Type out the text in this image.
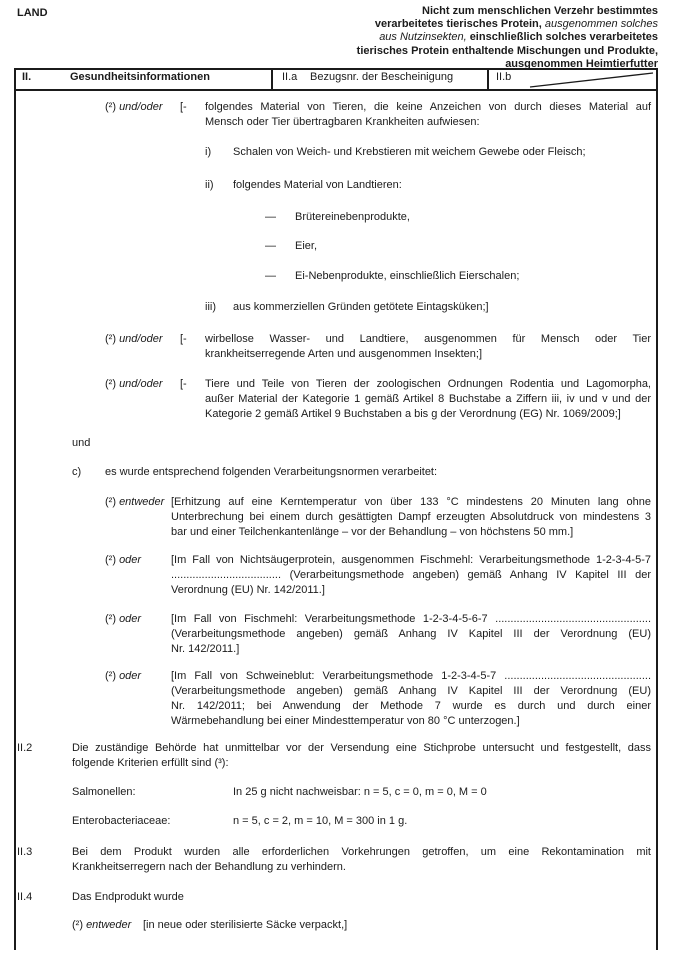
LAND	Nicht zum menschlichen Verzehr bestimmtes
verarbeitetes tierisches Protein, ausgenommen solches
aus Nutzinsekten, einschließlich solches verarbeitetes
tierisches Protein enthaltende Mischungen und Produkte,
ausgenommen Heimtierfutter
II.	Gesundheitsinformationen	II.a Bezugsnr. der Bescheinigung	II.b
(²) und/oder [- folgendes Material von Tieren, die keine Anzeichen von durch dieses Material auf
Mensch oder Tier übertragbaren Krankheiten aufwiesen:
i) Schalen von Weich- und Krebstieren mit weichem Gewebe oder Fleisch;
ii) folgendes Material von Landtieren:
— Brütereinebenprodukte,
— Eier,
— Ei-Nebenprodukte, einschließlich Eierschalen;
iii) aus kommerziellen Gründen getötete Eintagsküken;]
(²) und/oder [- wirbellose Wasser- und Landtiere, ausgenommen für Mensch oder Tier
krankheitserregende Arten und ausgenommen Insekten;]
(²) und/oder [- Tiere und Teile von Tieren der zoologischen Ordnungen Rodentia und Lagomorpha,
außer Material der Kategorie 1 gemäß Artikel 8 Buchstabe a Ziffern iii, iv und v und der
Kategorie 2 gemäß Artikel 9 Buchstaben a bis g der Verordnung (EG) Nr. 1069/2009;]
und
c) es wurde entsprechend folgenden Verarbeitungsnormen verarbeitet:
(²) entweder [Erhitzung auf eine Kerntemperatur von über 133 °C mindestens 20 Minuten lang ohne
Unterbrechung bei einem durch gesättigten Dampf erzeugten Absolutdruck von mindestens 3
bar und einer Teilchenkantenlänge – vor der Behandlung – von höchstens 50 mm.]
(²) oder	[Im Fall von Nichtsäugerprotein, ausgenommen Fischmehl: Verarbeitungsmethode 1-2-3-4-5-7
.................................... (Verarbeitungsmethode angeben) gemäß Anhang IV Kapitel III der
Verordnung (EU) Nr. 142/2011.]
(²) oder	[Im Fall von Fischmehl: Verarbeitungsmethode 1-2-3-4-5-6-7 ...................................................
(Verarbeitungsmethode angeben) gemäß Anhang IV Kapitel III der Verordnung (EU)
Nr. 142/2011.]
(²) oder	[Im Fall von Schweineblut: Verarbeitungsmethode 1-2-3-4-5-7 ................................................
(Verarbeitungsmethode angeben) gemäß Anhang IV Kapitel III der Verordnung (EU)
Nr. 142/2011; bei Anwendung der Methode 7 wurde es durch und durch einer
Wärmebehandlung bei einer Mindesttemperatur von 80 °C unterzogen.]
II.2	Die zuständige Behörde hat unmittelbar vor der Versendung eine Stichprobe untersucht und festgestellt, dass
folgende Kriterien erfüllt sind (³):
Salmonellen:	In 25 g nicht nachweisbar: n = 5, c = 0, m = 0, M = 0
Enterobacteriaceae:	n = 5, c = 2, m = 10, M = 300 in 1 g.
II.3	Bei dem Produkt wurden alle erforderlichen Vorkehrungen getroffen, um eine Rekontamination mit
Krankheitserregern nach der Behandlung zu verhindern.
II.4	Das Endprodukt wurde
(²) entweder [in neue oder sterilisierte Säcke verpackt,]
